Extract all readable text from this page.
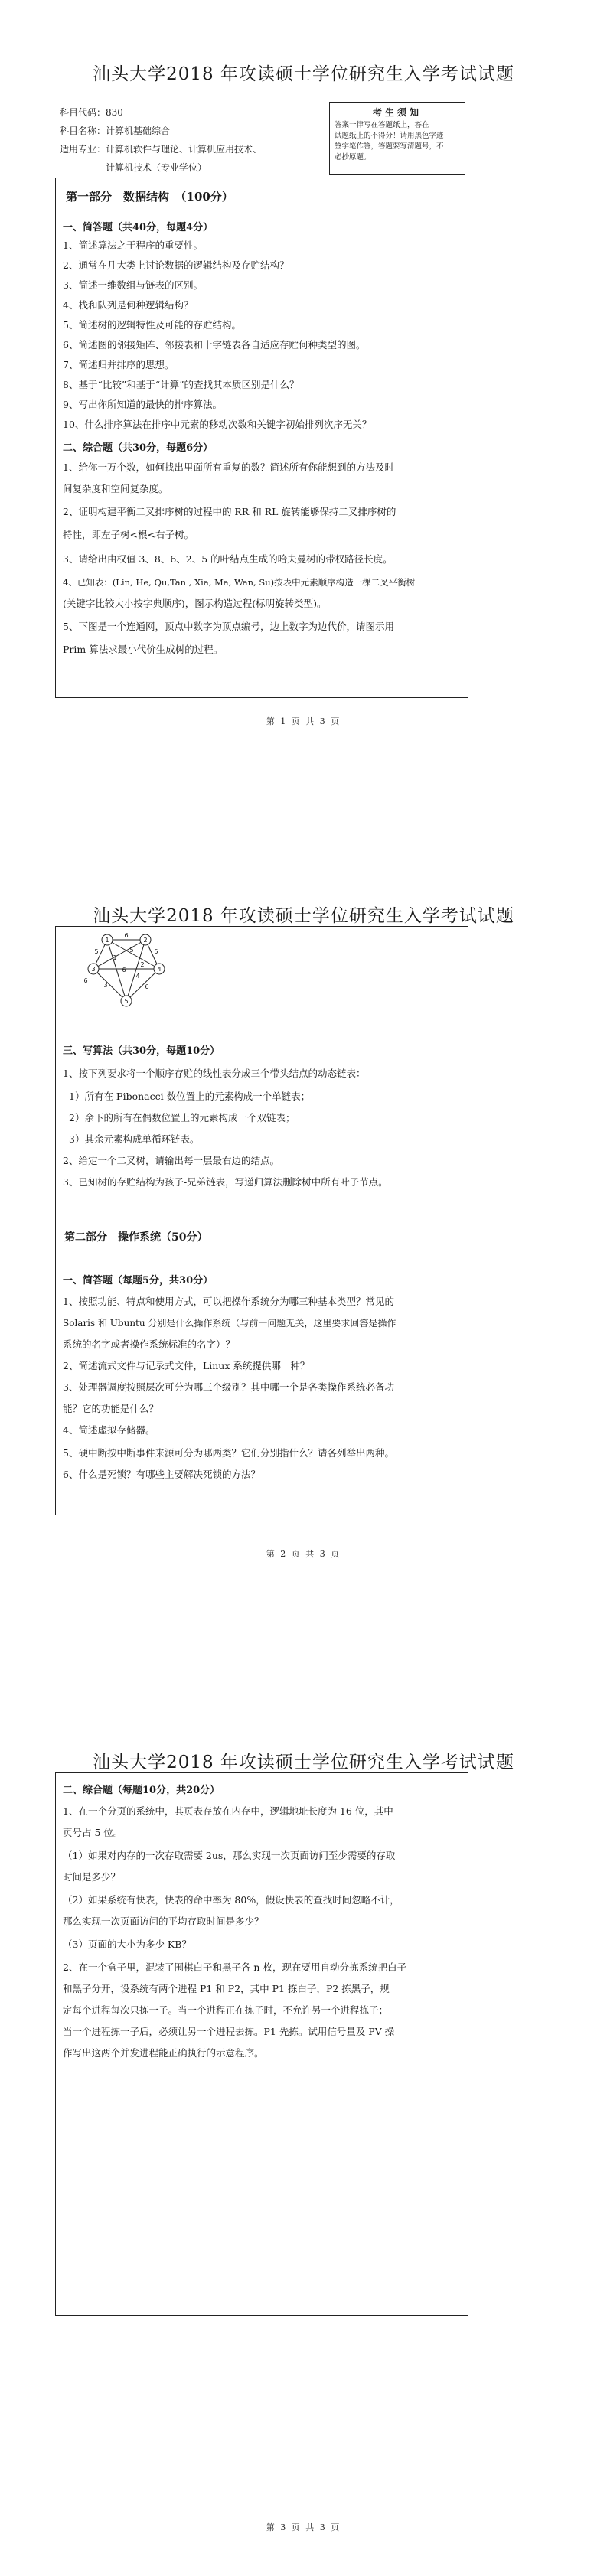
汕头大学2018 年攻读硕士学位研究生入学考试试题
科目代码：830
科目名称：计算机基础综合
适用专业：计算机软件与理论、计算机应用技术、
计算机技术（专业学位）
考生须知
答案一律写在答题纸上，答在
试题纸上的不得分！请用黑色字迹
签字笔作答，答题要写清题号，不
必抄原题。
第一部分　数据结构　（100分）
一、简答题（共40分，每题4分）
1、简述算法之于程序的重要性。
2、通常在几大类上讨论数据的逻辑结构及存贮结构？
3、简述一维数组与链表的区别。
4、栈和队列是何种逻辑结构？
5、简述树的逻辑特性及可能的存贮结构。
6、简述图的邻接矩阵、邻接表和十字链表各自适应存贮何种类型的图。
7、简述归并排序的思想。
8、基于“比较”和基于“计算”的查找其本质区别是什么？
9、写出你所知道的最快的排序算法。
10、什么排序算法在排序中元素的移动次数和关键字初始排列次序无关？
二、综合题（共30分，每题6分）
1、给你一万个数，如何找出里面所有重复的数？简述所有你能想到的方法及时
间复杂度和空间复杂度。
2、证明构建平衡二叉排序树的过程中的 RR 和 RL 旋转能够保持二叉排序树的
特性，即左子树<根<右子树。
3、请给出由权值 3、8、6、2、5 的叶结点生成的哈夫曼树的带权路径长度。
4、已知表：(Lin, He, Qu,Tan , Xia, Ma, Wan, Su)按表中元素顺序构造一棵二叉平衡树
(关键字比较大小按字典顺序)，图示构造过程(标明旋转类型)。
5、下图是一个连通网，顶点中数字为顶点编号，边上数字为边代价，请图示用
Prim 算法求最小代价生成树的过程。
第 1 页 共 3 页
汕头大学2018 年攻读硕士学位研究生入学考试试题
1	2
3	4
5
6
6
5
1
5	5
3	6
4
2
6
三、写算法（共30分，每题10分）
1、按下列要求将一个顺序存贮的线性表分成三个带头结点的动态链表：
1）所有在 Fibonacci 数位置上的元素构成一个单链表；
2）余下的所有在偶数位置上的元素构成一个双链表；
3）其余元素构成单循环链表。
2、给定一个二叉树，请输出每一层最右边的结点。
3、已知树的存贮结构为孩子-兄弟链表，写递归算法删除树中所有叶子节点。
第二部分　操作系统（50分）
一、简答题（每题5分，共30分）
1、按照功能、特点和使用方式，可以把操作系统分为哪三种基本类型？常见的
Solaris 和 Ubuntu 分别是什么操作系统（与前一问题无关，这里要求回答是操作
系统的名字或者操作系统标准的名字）？
2、简述流式文件与记录式文件，Linux 系统提供哪一种？
3、处理器调度按照层次可分为哪三个级别？其中哪一个是各类操作系统必备功
能？它的功能是什么？
4、简述虚拟存储器。
5、硬中断按中断事件来源可分为哪两类？它们分别指什么？请各列举出两种。
6、什么是死锁？有哪些主要解决死锁的方法？
第 2 页 共 3 页
汕头大学2018 年攻读硕士学位研究生入学考试试题
二、综合题（每题10分，共20分）
1、在一个分页的系统中，其页表存放在内存中，逻辑地址长度为 16 位，其中
页号占 5 位。
（1）如果对内存的一次存取需要 2us，那么实现一次页面访问至少需要的存取
时间是多少？
（2）如果系统有快表，快表的命中率为 80%，假设快表的查找时间忽略不计，
那么实现一次页面访问的平均存取时间是多少？
（3）页面的大小为多少 KB？
2、在一个盒子里，混装了围棋白子和黑子各 n 枚，现在要用自动分拣系统把白子
和黑子分开，设系统有两个进程 P1 和 P2，其中 P1 拣白子，P2 拣黑子，规
定每个进程每次只拣一子。当一个进程正在拣子时，不允许另一个进程拣子；
当一个进程拣一子后，必须让另一个进程去拣。P1 先拣。试用信号量及 PV 操
作写出这两个并发进程能正确执行的示意程序。
第 3 页 共 3 页
